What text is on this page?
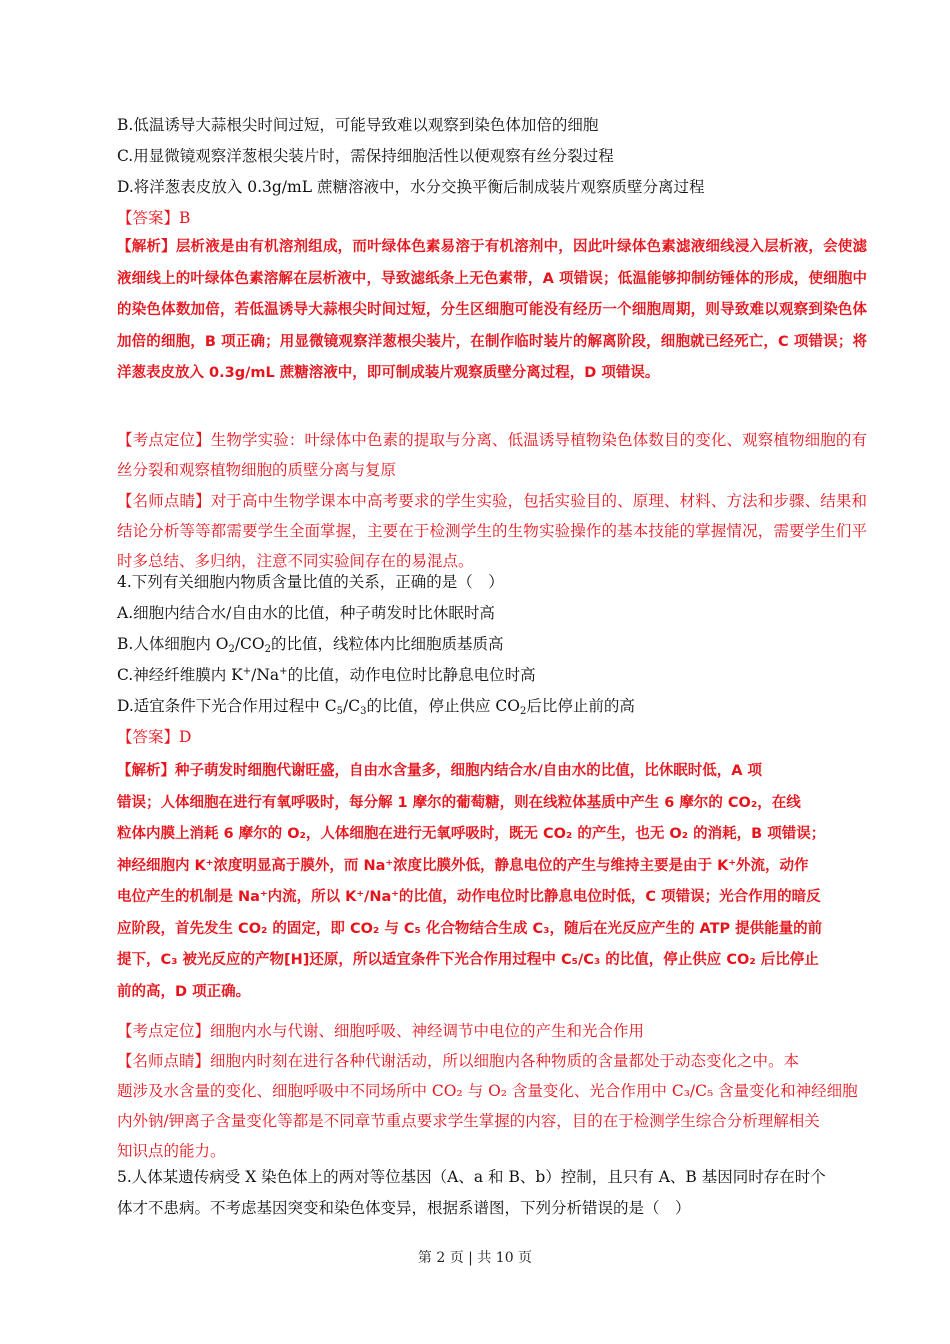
B.低温诱导大蒜根尖时间过短，可能导致难以观察到染色体加倍的细胞
C.用显微镜观察洋葱根尖装片时，需保持细胞活性以便观察有丝分裂过程
D.将洋葱表皮放入 0.3g/mL 蔗糖溶液中，水分交换平衡后制成装片观察质壁分离过程
【答案】B
【解析】层析液是由有机溶剂组成，而叶绿体色素易溶于有机溶剂中，因此叶绿体色素滤液细线浸入层析液，会使滤液细线上的叶绿体色素溶解在层析液中，导致滤纸条上无色素带，A 项错误；低温能够抑制纺锤体的形成，使细胞中的染色体数加倍，若低温诱导大蒜根尖时间过短，分生区细胞可能没有经历一个细胞周期，则导致难以观察到染色体加倍的细胞，B 项正确；用显微镜观察洋葱根尖装片，在制作临时装片的解离阶段，细胞就已经死亡，C 项错误；将洋葱表皮放入 0.3g/mL 蔗糖溶液中，即可制成装片观察质壁分离过程，D 项错误。
【考点定位】生物学实验：叶绿体中色素的提取与分离、低温诱导植物染色体数目的变化、观察植物细胞的有丝分裂和观察植物细胞的质壁分离与复原
【名师点睛】对于高中生物学课本中高考要求的学生实验，包括实验目的、原理、材料、方法和步骤、结果和结论分析等等都需要学生全面掌握，主要在于检测学生的生物实验操作的基本技能的掌握情况，需要学生们平时多总结、多归纳，注意不同实验间存在的易混点。
4.下列有关细胞内物质含量比值的关系，正确的是（　）
A.细胞内结合水/自由水的比值，种子萌发时比休眠时高
B.人体细胞内 $O_2/CO_2$的比值，线粒体内比细胞质基质高
C.神经纤维膜内 K+/Na+的比值，动作电位时比静息电位时高
D.适宜条件下光合作用过程中 $C_5/C_3$的比值，停止供应 $CO_2$后比停止前的高
【答案】D
【解析】种子萌发时细胞代谢旺盛，自由水含量多，细胞内结合水/自由水的比值，比休眠时低，A 项
错误；人体细胞在进行有氧呼吸时，每分解 1 摩尔的葡萄糖，则在线粒体基质中产生 6 摩尔的 CO₂，在线
粒体内膜上消耗 6 摩尔的 O₂，人体细胞在进行无氧呼吸时，既无 CO₂ 的产生，也无 O₂ 的消耗，B 项错误；
神经细胞内 K⁺浓度明显高于膜外，而 Na⁺浓度比膜外低，静息电位的产生与维持主要是由于 K⁺外流，动作
电位产生的机制是 Na⁺内流，所以 K⁺/Na⁺的比值，动作电位时比静息电位时低，C 项错误；光合作用的暗反
应阶段，首先发生 CO₂ 的固定，即 CO₂ 与 C₅ 化合物结合生成 C₃，随后在光反应产生的 ATP 提供能量的前
提下，C₃ 被光反应的产物[H]还原，所以适宜条件下光合作用过程中 C₅/C₃ 的比值，停止供应 CO₂ 后比停止
前的高，D 项正确。
【考点定位】细胞内水与代谢、细胞呼吸、神经调节中电位的产生和光合作用
【名师点睛】细胞内时刻在进行各种代谢活动，所以细胞内各种物质的含量都处于动态变化之中。本
题涉及水含量的变化、细胞呼吸中不同场所中 CO₂ 与 O₂ 含量变化、光合作用中 C₃/C₅ 含量变化和神经细胞
内外钠/钾离子含量变化等都是不同章节重点要求学生掌握的内容，目的在于检测学生综合分析理解相关
知识点的能力。
5.人体某遗传病受 X 染色体上的两对等位基因（A、a 和 B、b）控制，且只有 A、B 基因同时存在时个
体才不患病。不考虑基因突变和染色体变异，根据系谱图，下列分析错误的是（　）
第 2 页 | 共 10 页
